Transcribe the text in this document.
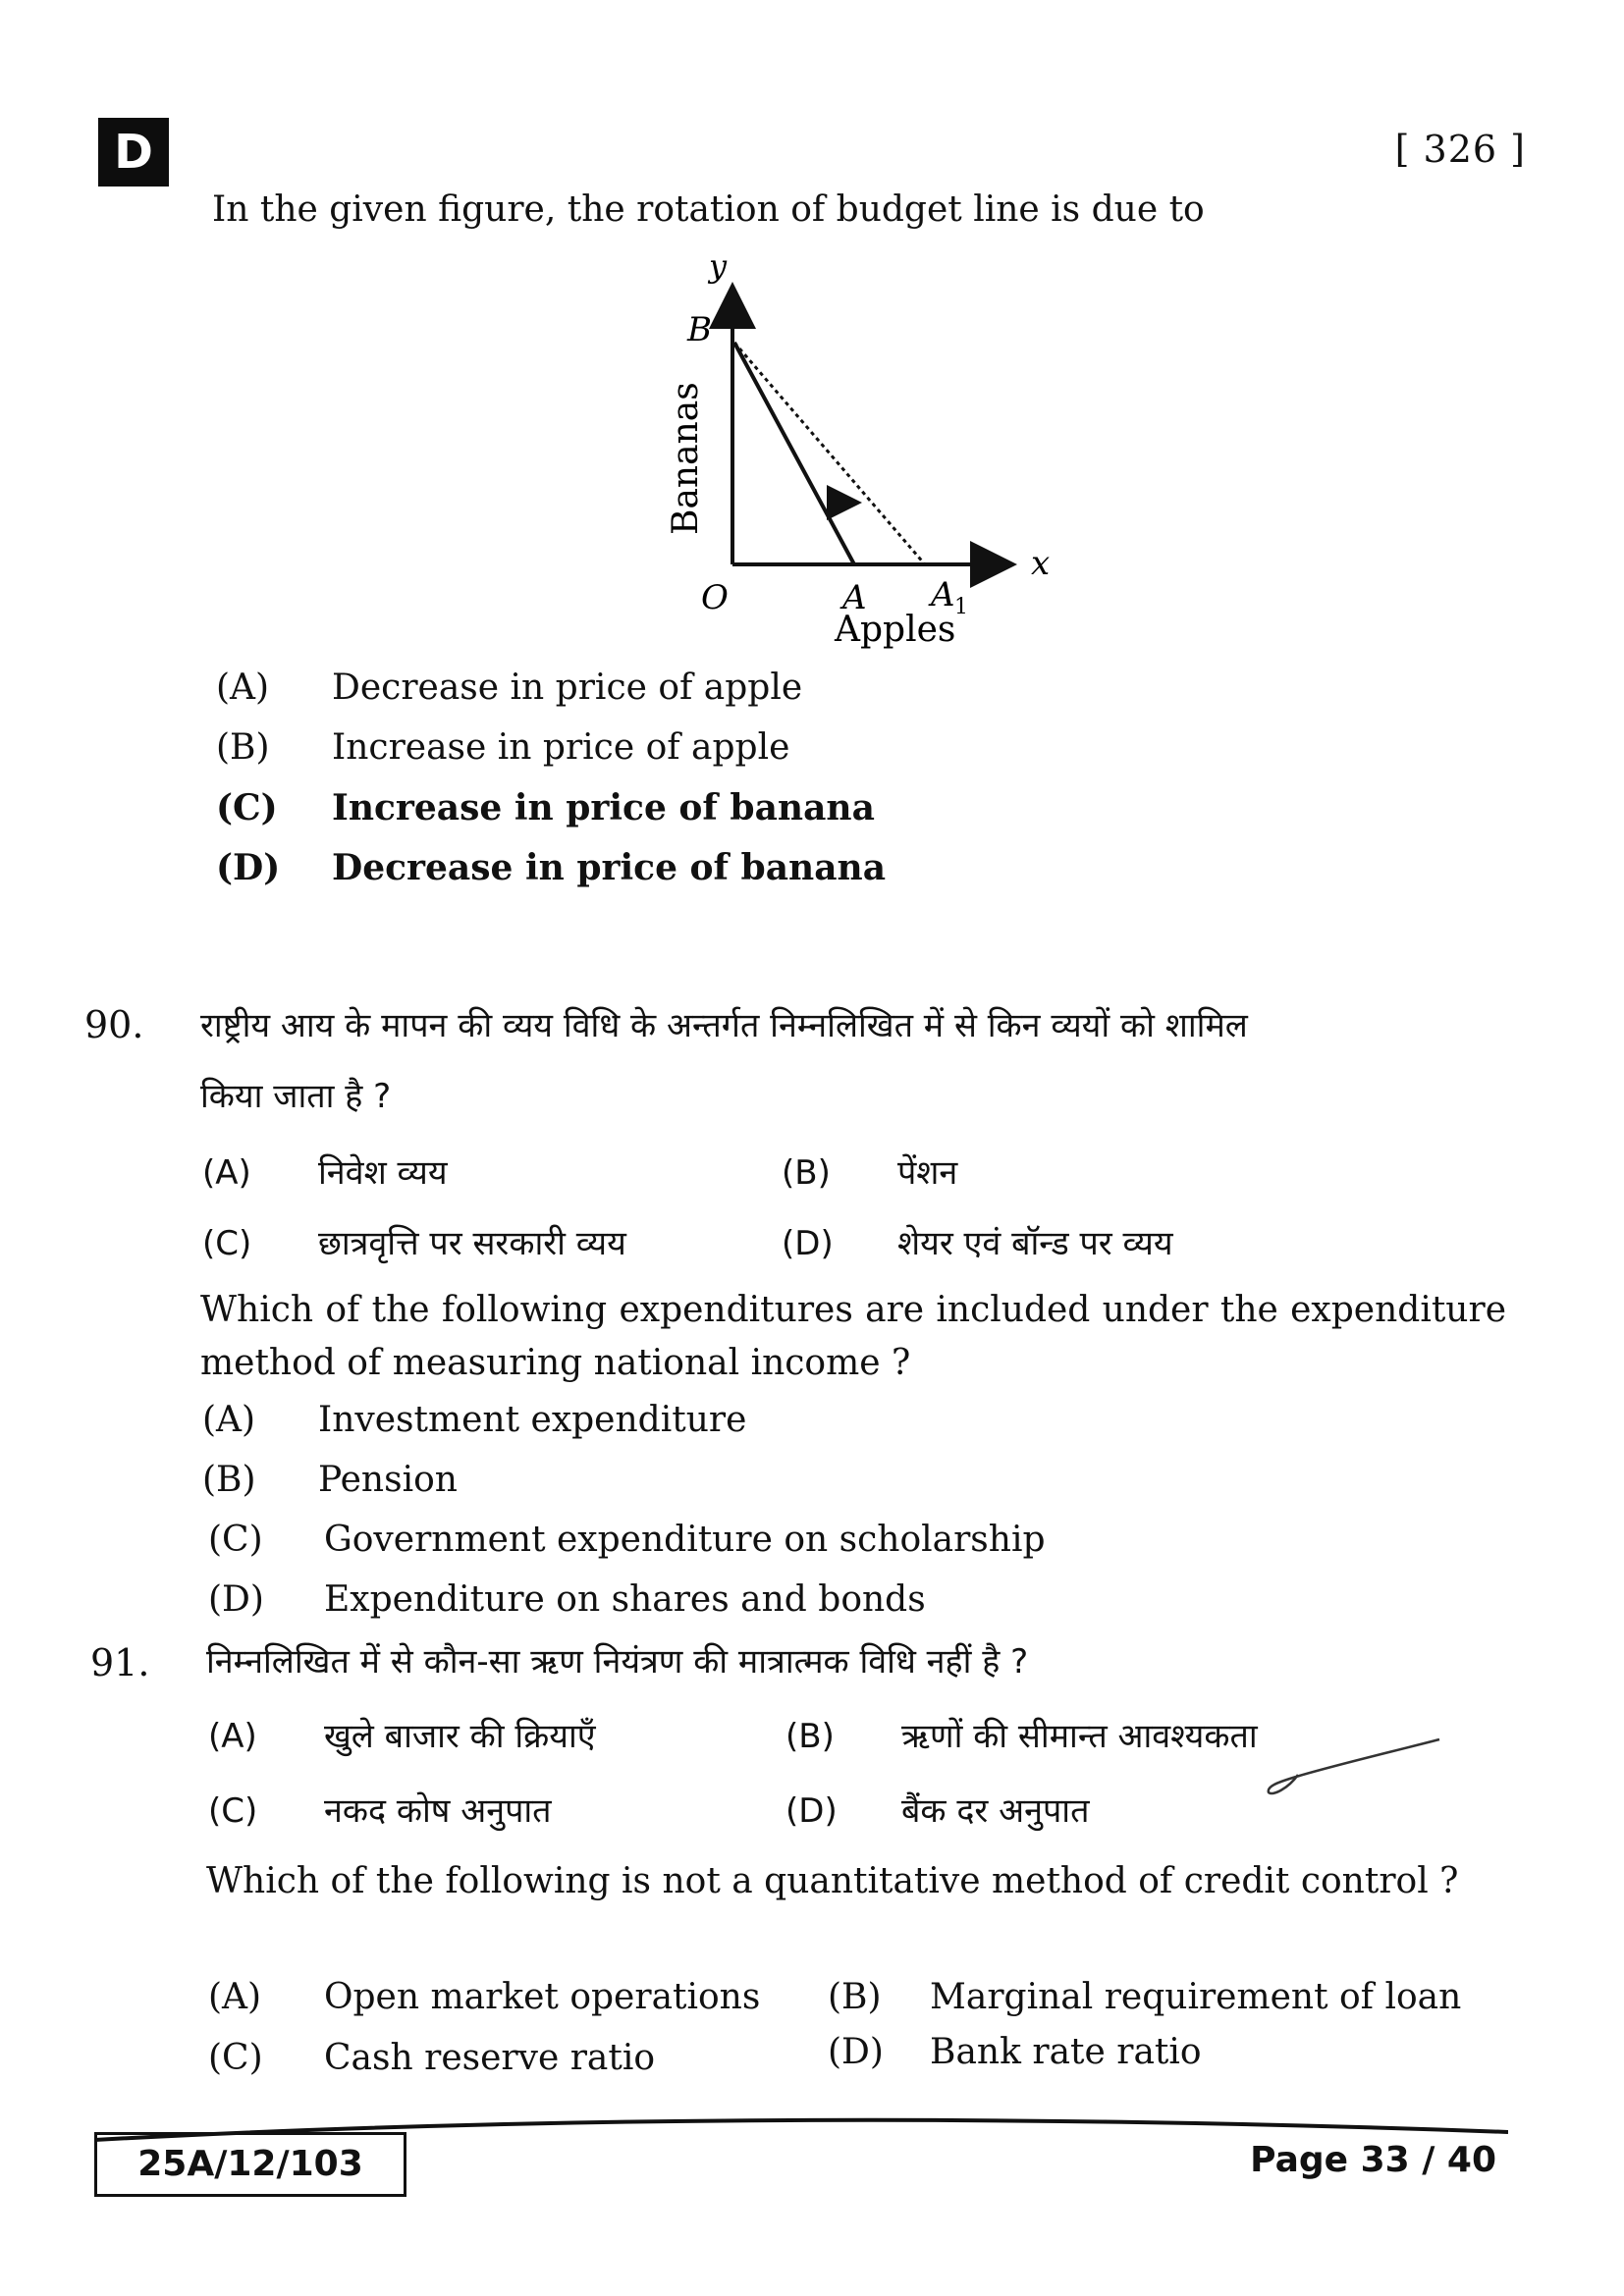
D	[ 326 ]
In the given figure, the rotation of budget line is due to
y
B
x
O	A A 1
Apples
Bananas
(A)	Decrease in price of apple
(B)	Increase in price of apple
(C)	Increase in price of banana
(D)	Decrease in price of banana
90. राष्ट्रीय आय के मापन की व्यय विधि के अन्तर्गत निम्नलिखित में से किन व्ययों को शामिल
किया जाता है ?
(A) निवेश व्यय	(B) पेंशन
(C) छात्रवृत्ति पर सरकारी व्यय	(D) शेयर एवं बॉन्ड पर व्यय
Which of the following expenditures are included under the expenditure method of measuring national income ?
(A)	Investment expenditure
(B)	Pension
(C)	Government expenditure on scholarship
(D)	Expenditure on shares and bonds
91. निम्नलिखित में से कौन-सा ऋण नियंत्रण की मात्रात्मक विधि नहीं है ?
(A) खुले बाजार की क्रियाएँ	(B) ऋणों की सीमान्त आवश्यकता
(C) नकद कोष अनुपात	(D) बैंक दर अनुपात
Which of the following is not a quantitative method of credit control ?
(A)	Open market operations (B)	Marginal requirement of loan
(C)	Cash reserve ratio	(D)	Bank rate ratio
25A/12/103	Page 33 / 40
